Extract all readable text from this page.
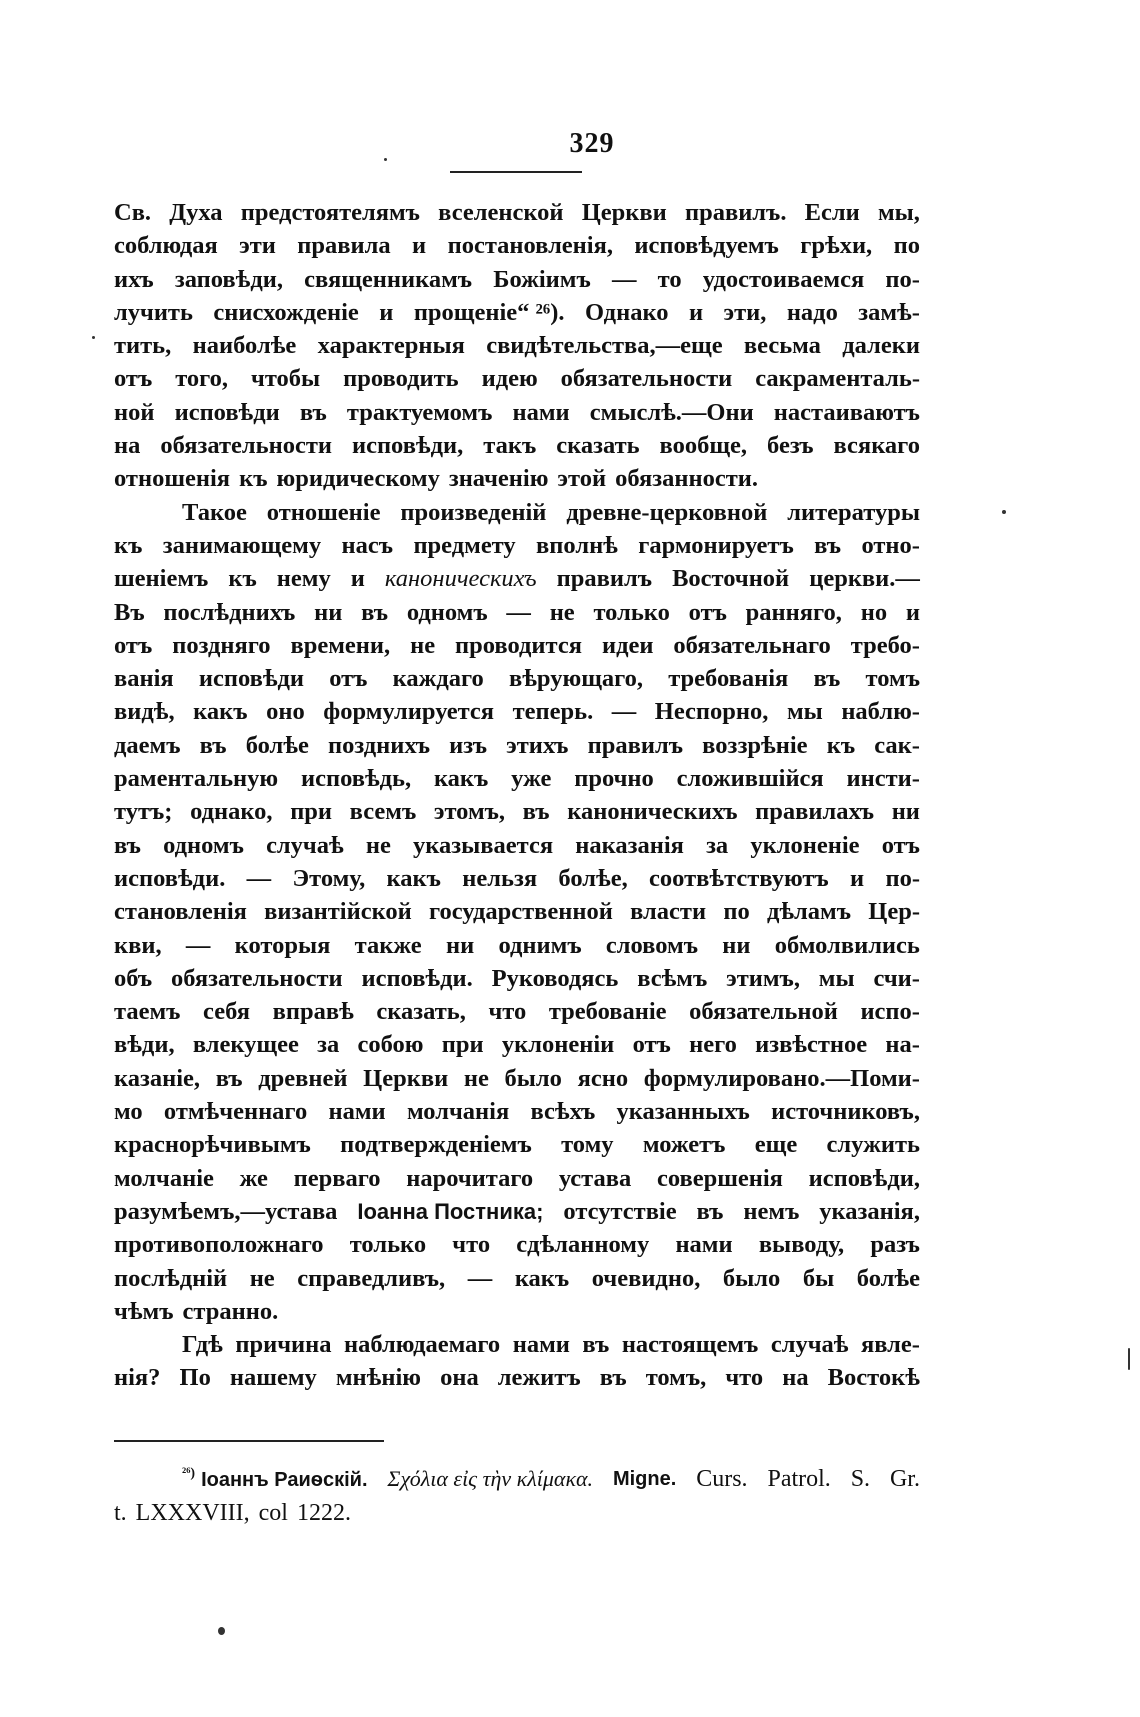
329
Св. Духа предстоятелямъ вселенской Церкви правилъ. Если мы,
соблюдая эти правила и постановленія, исповѣдуемъ грѣхи, по
ихъ заповѣди, священникамъ Божіимъ — то удостоиваемся по-
лучить снисхожденіе и прощеніе“ ²⁶). Однако и эти, надо замѣ-
тить, наиболѣе характерныя свидѣтельства,—еще весьма далеки
отъ того, чтобы проводить идею обязательности сакраменталь-
ной исповѣди въ трактуемомъ нами смыслѣ.—Они настаиваютъ
на обязательности исповѣди, такъ сказать вообще, безъ всякаго
отношенія къ юридическому значенію этой обязанности.
Такое отношеніе произведеній древне-церковной литературы
къ занимающему насъ предмету вполнѣ гармонируетъ въ отно-
шеніемъ къ нему и каноническихъ правилъ Восточной церкви.—
Въ послѣднихъ ни въ одномъ — не только отъ ранняго, но и
отъ поздняго времени, не проводится идеи обязательнаго требо-
ванія исповѣди отъ каждаго вѣрующаго, требованія въ томъ
видѣ, какъ оно формулируется теперь. — Неспорно, мы наблю-
даемъ въ болѣе позднихъ изъ этихъ правилъ воззрѣніе къ сак-
раментальную исповѣдь, какъ уже прочно сложившійся инсти-
тутъ; однако, при всемъ этомъ, въ каноническихъ правилахъ ни
въ одномъ случаѣ не указывается наказанія за уклоненіе отъ
исповѣди. — Этому, какъ нельзя болѣе, соотвѣтствуютъ и по-
становленія византійской государственной власти по дѣламъ Цер-
кви, — которыя также ни однимъ словомъ ни обмолвились
объ обязательности исповѣди. Руководясь всѣмъ этимъ, мы счи-
таемъ себя вправѣ сказать, что требованіе обязательной испо-
вѣди, влекущее за собою при уклоненіи отъ него извѣстное на-
казаніе, въ древней Церкви не было ясно формулировано.—Поми-
мо отмѣченнаго нами молчанія всѣхъ указанныхъ источниковъ,
краснорѣчивымъ подтвержденіемъ тому можетъ еще служить
молчаніе же перваго нарочитаго устава совершенія исповѣди,
разумѣемъ,—устава Іоанна Постника; отсутствіе въ немъ указанія,
противоположнаго только что сдѣланному нами выводу, разъ
послѣдній не справедливъ, — какъ очевидно, было бы болѣе
чѣмъ странно.
Гдѣ причина наблюдаемаго нами въ настоящемъ случаѣ явле-
нія? По нашему мнѣнію она лежитъ въ томъ, что на Востокѣ
$^{^{26})}$ Іоаннъ Раиѳскій. Σχόλια εἰς τὴν κλίμακα. Migne. Curs. Patrol. S. Gr.
t. LXXXVIII, col 1222.
